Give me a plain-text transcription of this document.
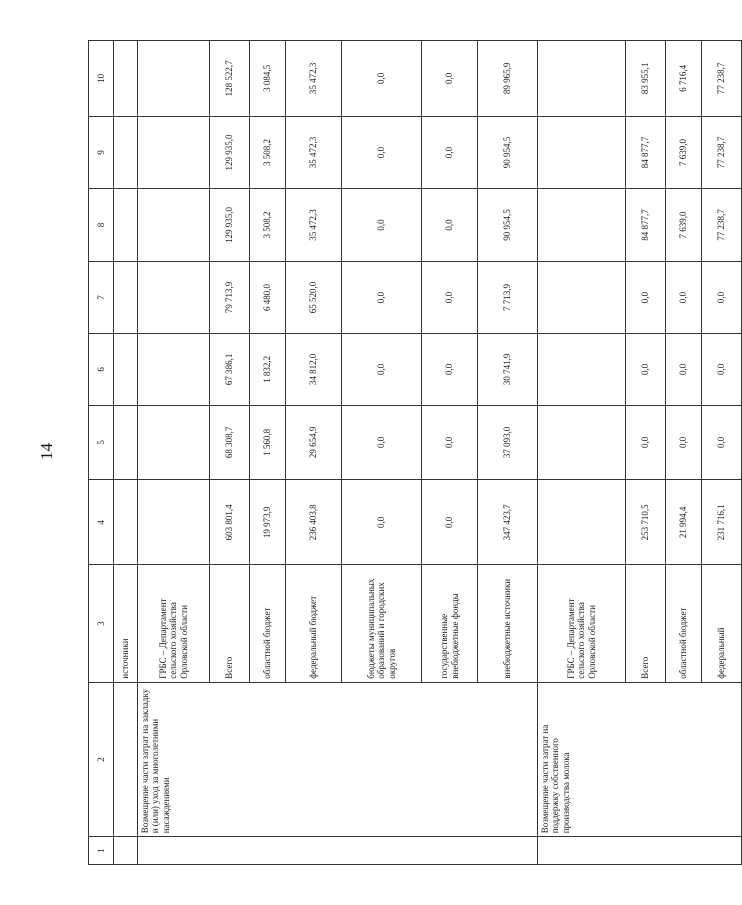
14
1	2	3	4	5	6	7	8	9	10
		источники							
	Возмещение части затрат на закладку и (или) уход за многолетними насаждениями	ГРБС – Департамент сельского хозяйства Орловской области							
		Всего	603 801,4	68 308,7	67 386,1	79 713,9	129 935,0	129 935,0	128 522,7
		областной бюджет	19 973,9	1 560,8	1 832,2	6 480,0	3 508,2	3 508,2	3 084,5
		федеральный бюджет	236 403,8	29 654,9	34 812,0	65 520,0	35 472,3	35 472,3	35 472,3
		бюджеты муниципальных образований и городских округов	0,0	0,0	0,0	0,0	0,0	0,0	0,0
		государственные внебюджетные фонды	0,0	0,0	0,0	0,0	0,0	0,0	0,0
		внебюджетные источники	347 423,7	37 093,0	30 741,9	7 713,9	90 954,5	90 954,5	89 965,9
	Возмещение части затрат на поддержку собственного производства молока	ГРБС – Департамент сельского хозяйства Орловской области							
		Всего	253 710,5	0,0	0,0	0,0	84 877,7	84 877,7	83 955,1
		областной бюджет	21 994,4	0,0	0,0	0,0	7 639,0	7 639,0	6 716,4
		федеральный	231 716,1	0,0	0,0	0,0	77 238,7	77 238,7	77 238,7
